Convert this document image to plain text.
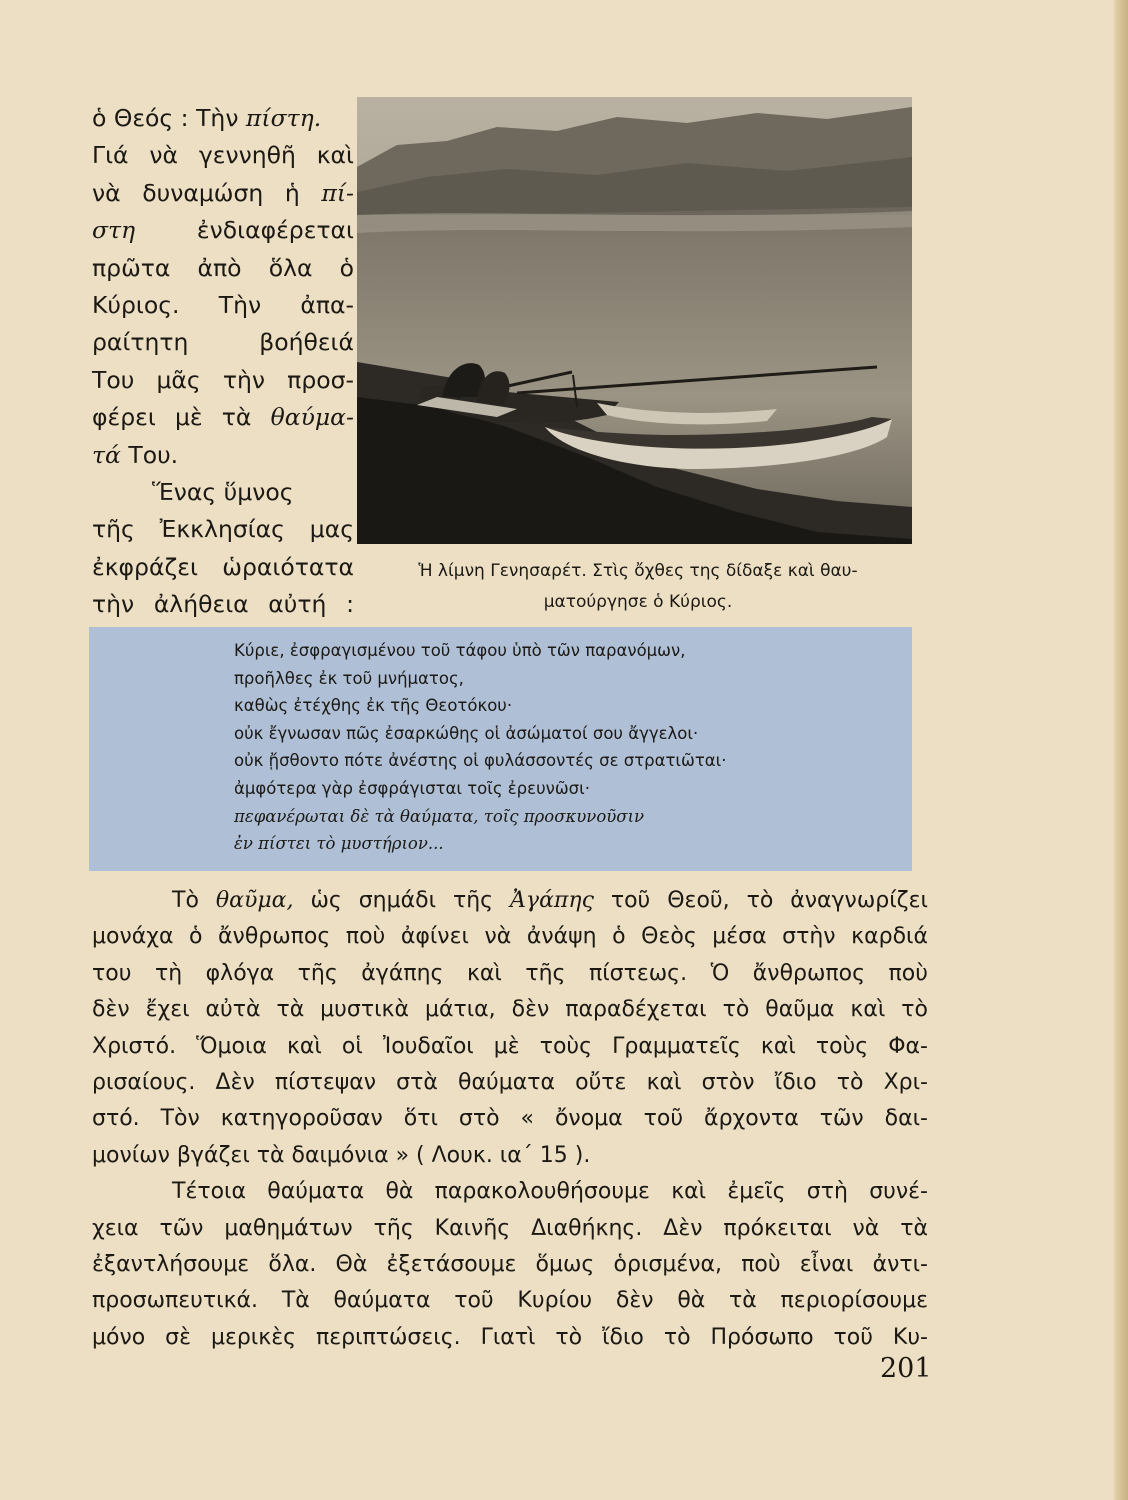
ὁ Θεός : Τὴν πίστη.
Γιά νὰ γεννηθῆ καὶ
νὰ δυναμώση ἡ πί-
στη ἐνδιαφέρεται
πρῶτα ἀπὸ ὅλα ὁ
Κύριος. Τὴν ἀπα-
ραίτητη βοήθειά
Του μᾶς τὴν προσ-
φέρει μὲ τὰ θαύμα-
τά Του.
Ἕνας ὕμνος
τῆς Ἐκκλησίας μας
ἐκφράζει ὡραιότατα
τὴν ἀλήθεια αὐτή :
Ἡ λίμνη Γενησαρέτ. Στὶς ὄχθες της δίδαξε καὶ θαυ-
ματούργησε ὁ Κύριος.
Κύριε, ἐσφραγισμένου τοῦ τάφου ὑπὸ τῶν παρανόμων,
προῆλθες ἐκ τοῦ μνήματος,
καθὼς ἐτέχθης ἐκ τῆς Θεοτόκου·
οὐκ ἔγνωσαν πῶς ἐσαρκώθης οἱ ἀσώματοί σου ἄγγελοι·
οὐκ ᾔσθοντο πότε ἀνέστης οἱ φυλάσσοντές σε στρατιῶται·
ἀμφότερα γὰρ ἐσφράγισται τοῖς ἐρευνῶσι·
πεφανέρωται δὲ τὰ θαύματα, τοῖς προσκυνοῦσιν
ἐν πίστει τὸ μυστήριον...
Τὸ θαῦμα, ὡς σημάδι τῆς Ἀγάπης τοῦ Θεοῦ, τὸ ἀναγνωρίζει
μονάχα ὁ ἄνθρωπος ποὺ ἀφίνει νὰ ἀνάψη ὁ Θεὸς μέσα στὴν καρδιά
του τὴ φλόγα τῆς ἀγάπης καὶ τῆς πίστεως. Ὁ ἄνθρωπος ποὺ
δὲν ἔχει αὐτὰ τὰ μυστικὰ μάτια, δὲν παραδέχεται τὸ θαῦμα καὶ τὸ
Χριστό. Ὅμοια καὶ οἱ Ἰουδαῖοι μὲ τοὺς Γραμματεῖς καὶ τοὺς Φα-
ρισαίους. Δὲν πίστεψαν στὰ θαύματα οὔτε καὶ στὸν ἴδιο τὸ Χρι-
στό. Τὸν κατηγοροῦσαν ὅτι στὸ « ὄνομα τοῦ ἄρχοντα τῶν δαι-
μονίων βγάζει τὰ δαιμόνια » ( Λουκ. ια΄ 15 ).
Τέτοια θαύματα θὰ παρακολουθήσουμε καὶ ἐμεῖς στὴ συνέ-
χεια τῶν μαθημάτων τῆς Καινῆς Διαθήκης. Δὲν πρόκειται νὰ τὰ
ἐξαντλήσουμε ὅλα. Θὰ ἐξετάσουμε ὅμως ὁρισμένα, ποὺ εἶναι ἀντι-
προσωπευτικά. Τὰ θαύματα τοῦ Κυρίου δὲν θὰ τὰ περιορίσουμε
μόνο σὲ μερικὲς περιπτώσεις. Γιατὶ τὸ ἴδιο τὸ Πρόσωπο τοῦ Κυ-
201
